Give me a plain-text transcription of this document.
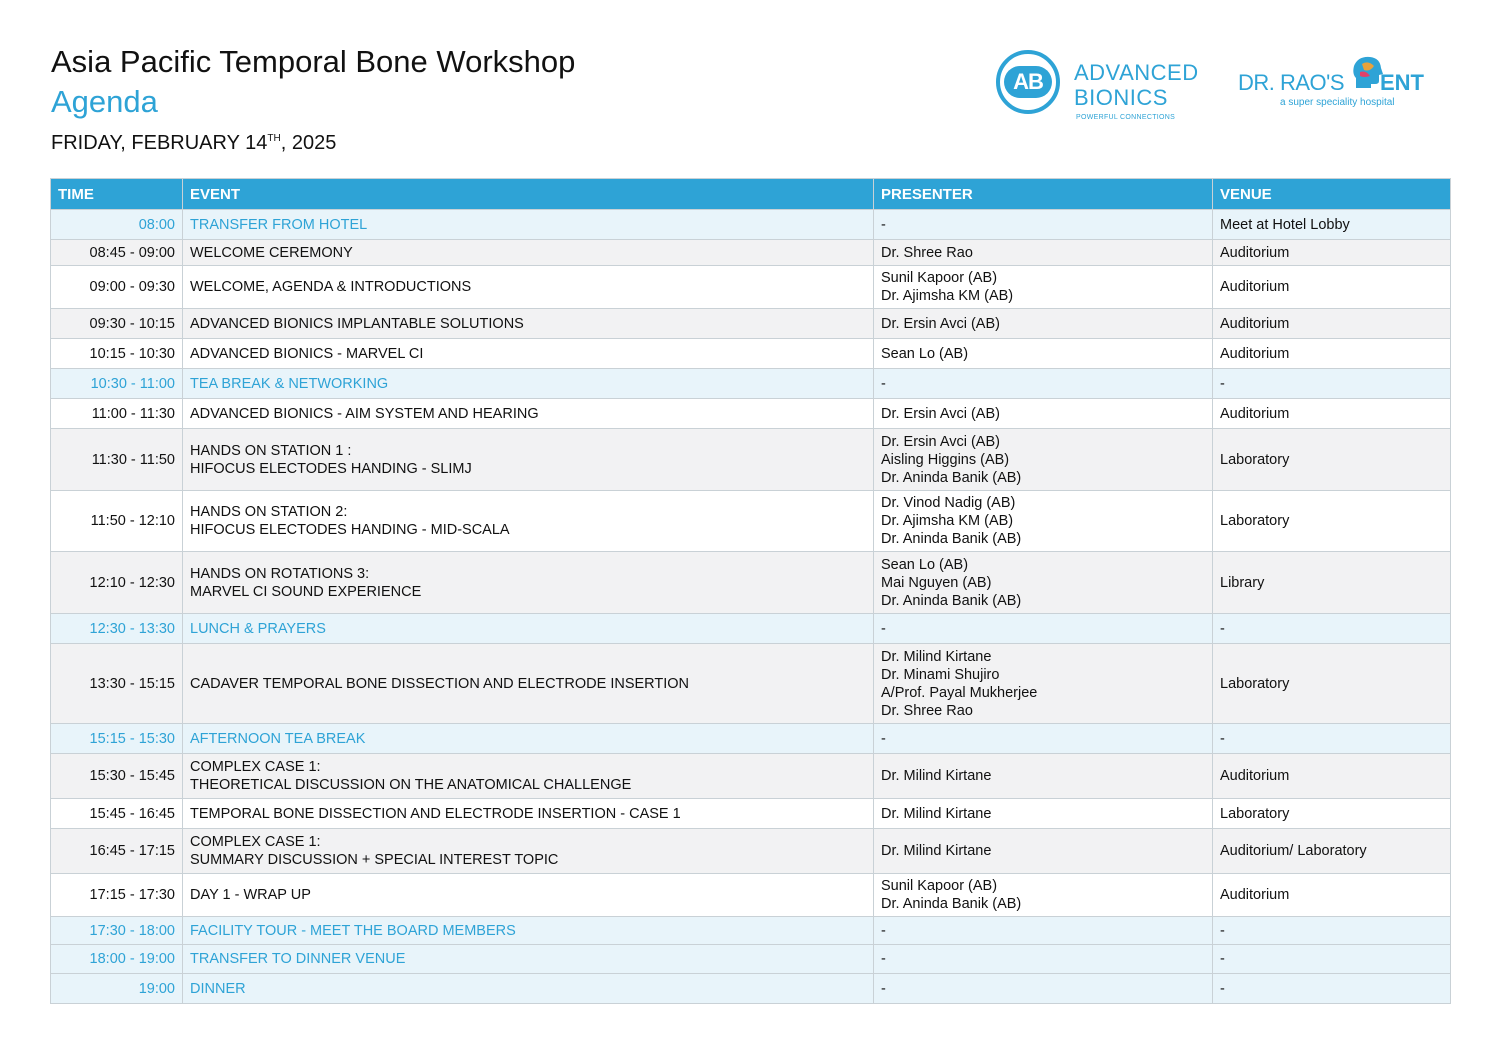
Asia Pacific Temporal Bone Workshop
Agenda
FRIDAY, FEBRUARY 14TH, 2025
AB	ADVANCED
BIONICS
POWERFUL CONNECTIONS
DR. RAO'S ENT
a super speciality hospital
TIME	EVENT	PRESENTER	VENUE
08:00	TRANSFER FROM HOTEL	-	Meet at Hotel Lobby
08:45 - 09:00	WELCOME CEREMONY	Dr. Shree Rao	Auditorium
09:00 - 09:30	WELCOME, AGENDA & INTRODUCTIONS	Sunil Kapoor (AB)
Dr. Ajimsha KM (AB)	Auditorium
09:30 - 10:15	ADVANCED BIONICS IMPLANTABLE SOLUTIONS	Dr. Ersin Avci (AB)	Auditorium
10:15 - 10:30	ADVANCED BIONICS - MARVEL CI	Sean Lo (AB)	Auditorium
10:30 - 11:00	TEA BREAK & NETWORKING	-	-
11:00 - 11:30	ADVANCED BIONICS - AIM SYSTEM AND HEARING	Dr. Ersin Avci (AB)	Auditorium
11:30 - 11:50	HANDS ON STATION 1 :
HIFOCUS ELECTODES HANDING - SLIMJ	Dr. Ersin Avci (AB)
Aisling Higgins (AB)
Dr. Aninda Banik (AB)	Laboratory
11:50 - 12:10	HANDS ON STATION 2:
HIFOCUS ELECTODES HANDING - MID-SCALA	Dr. Vinod Nadig (AB)
Dr. Ajimsha KM (AB)
Dr. Aninda Banik (AB)	Laboratory
12:10 - 12:30	HANDS ON ROTATIONS 3:
MARVEL CI SOUND EXPERIENCE	Sean Lo (AB)
Mai Nguyen (AB)
Dr. Aninda Banik (AB)	Library
12:30 - 13:30	LUNCH & PRAYERS	-	-
13:30 - 15:15	CADAVER TEMPORAL BONE DISSECTION AND ELECTRODE INSERTION	Dr. Milind Kirtane
Dr. Minami Shujiro
A/Prof. Payal Mukherjee
Dr. Shree Rao	Laboratory
15:15 - 15:30	AFTERNOON TEA BREAK	-	-
15:30 - 15:45	COMPLEX CASE 1:
THEORETICAL DISCUSSION ON THE ANATOMICAL CHALLENGE	Dr. Milind Kirtane	Auditorium
15:45 - 16:45	TEMPORAL BONE DISSECTION AND ELECTRODE INSERTION - CASE 1	Dr. Milind Kirtane	Laboratory
16:45 - 17:15	COMPLEX CASE 1:
SUMMARY DISCUSSION + SPECIAL INTEREST TOPIC	Dr. Milind Kirtane	Auditorium/ Laboratory
17:15 - 17:30	DAY 1 - WRAP UP	Sunil Kapoor (AB)
Dr. Aninda Banik (AB)	Auditorium
17:30 - 18:00	FACILITY TOUR - MEET THE BOARD MEMBERS	-	-
18:00 - 19:00	TRANSFER TO DINNER VENUE	-	-
19:00	DINNER	-	-
